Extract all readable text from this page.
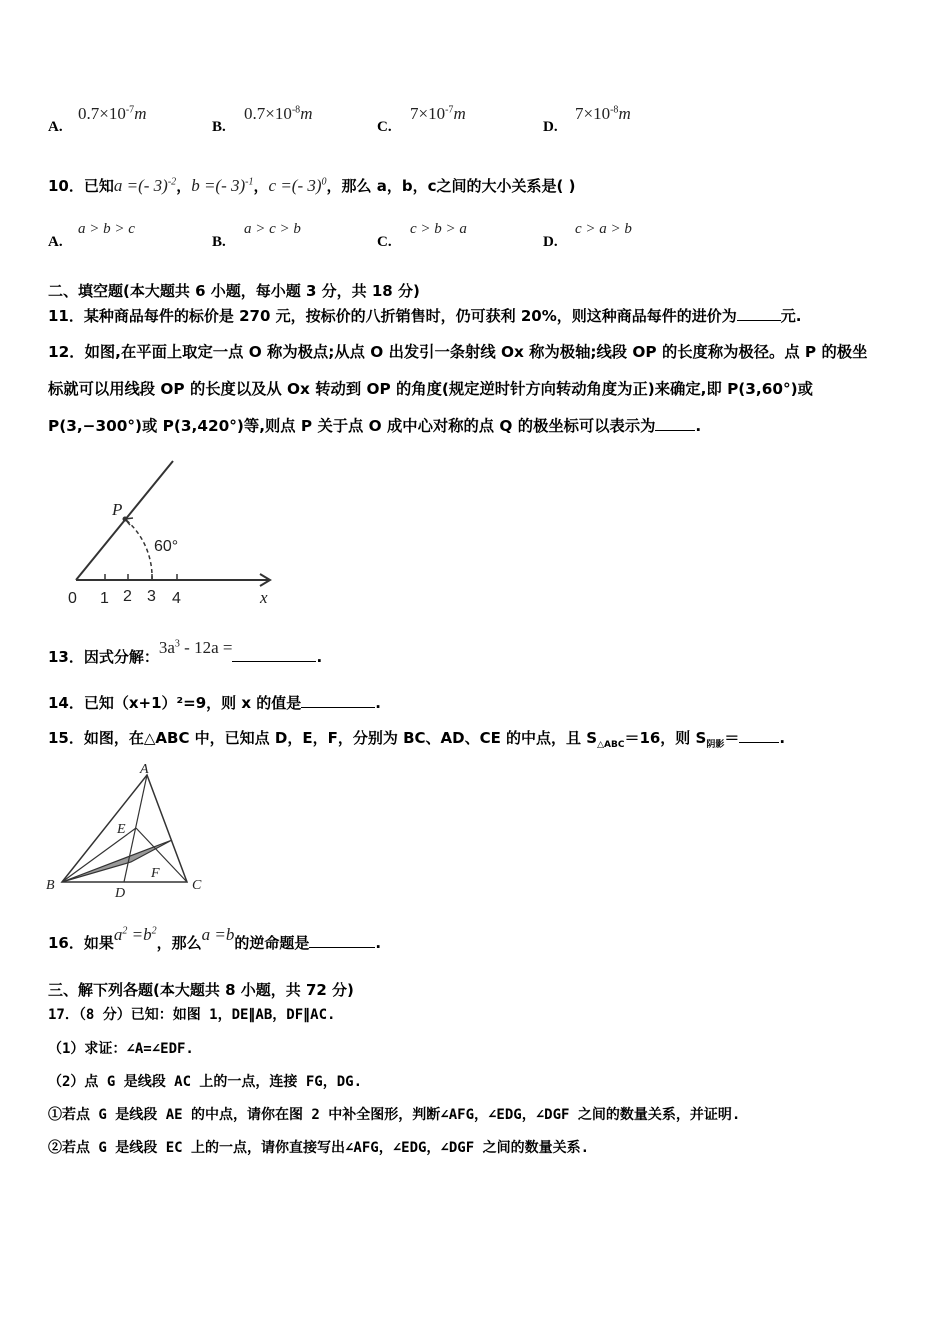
A.
$0.7\times 10^{-7}m$
B.
$0.7\times 10^{-8}m$
C.
$7\times 10^{-7}m$
D.
$7\times 10^{-8}m$
10．已知a =(- 3)$^{-2}$，b =(- 3)$^{-1}$，c =(- 3)$^0$，那么 a，b，c之间的大小关系是( )
A.
a > b > c
B.
a > c > b
C.
c > b > a
D.
c > a > b
二、填空题(本大题共 6 小题，每小题 3 分，共 18 分)
11．某种商品每件的标价是 270 元，按标价的八折销售时，仍可获利 20%，则这种商品每件的进价为	元.
12．如图,在平面上取定一点 O 称为极点;从点 O 出发引一条射线 Ox 称为极轴;线段 OP 的长度称为极径。点 P 的极坐
标就可以用线段 OP 的长度以及从 Ox 转动到 OP 的角度(规定逆时针方向转动角度为正)来确定,即 P(3,60°)或
P(3,−300°)或 P(3,420°)等,则点 P 关于点 O 成中心对称的点 Q 的极坐标可以表示为	.
P
60°
0 1 2 3 4	x
13．因式分解：$3a^3 - 12a$ =	.
14．已知（x+1）²=9，则 x 的值是	.
15．如图，在△ABC 中，已知点 D，E，F，分别为 BC、AD、CE 的中点，且 $S_{\triangle ABC}=16$，则 $S_{阴影}=$	.
A
E
F
B
D
C
16．如果$a^2 =b^2$，那么a =b的逆命题是	.
三、解下列各题(本大题共 8 小题，共 72 分)
17．（8 分）已知：如图 1，DE∥AB，DF∥AC.
（1）求证：∠A=∠EDF.
（2）点 G 是线段 AC 上的一点，连接 FG，DG.
①若点 G 是线段 AE 的中点，请你在图 2 中补全图形，判断∠AFG，∠EDG，∠DGF 之间的数量关系，并证明.
②若点 G 是线段 EC 上的一点，请你直接写出∠AFG，∠EDG，∠DGF 之间的数量关系.
